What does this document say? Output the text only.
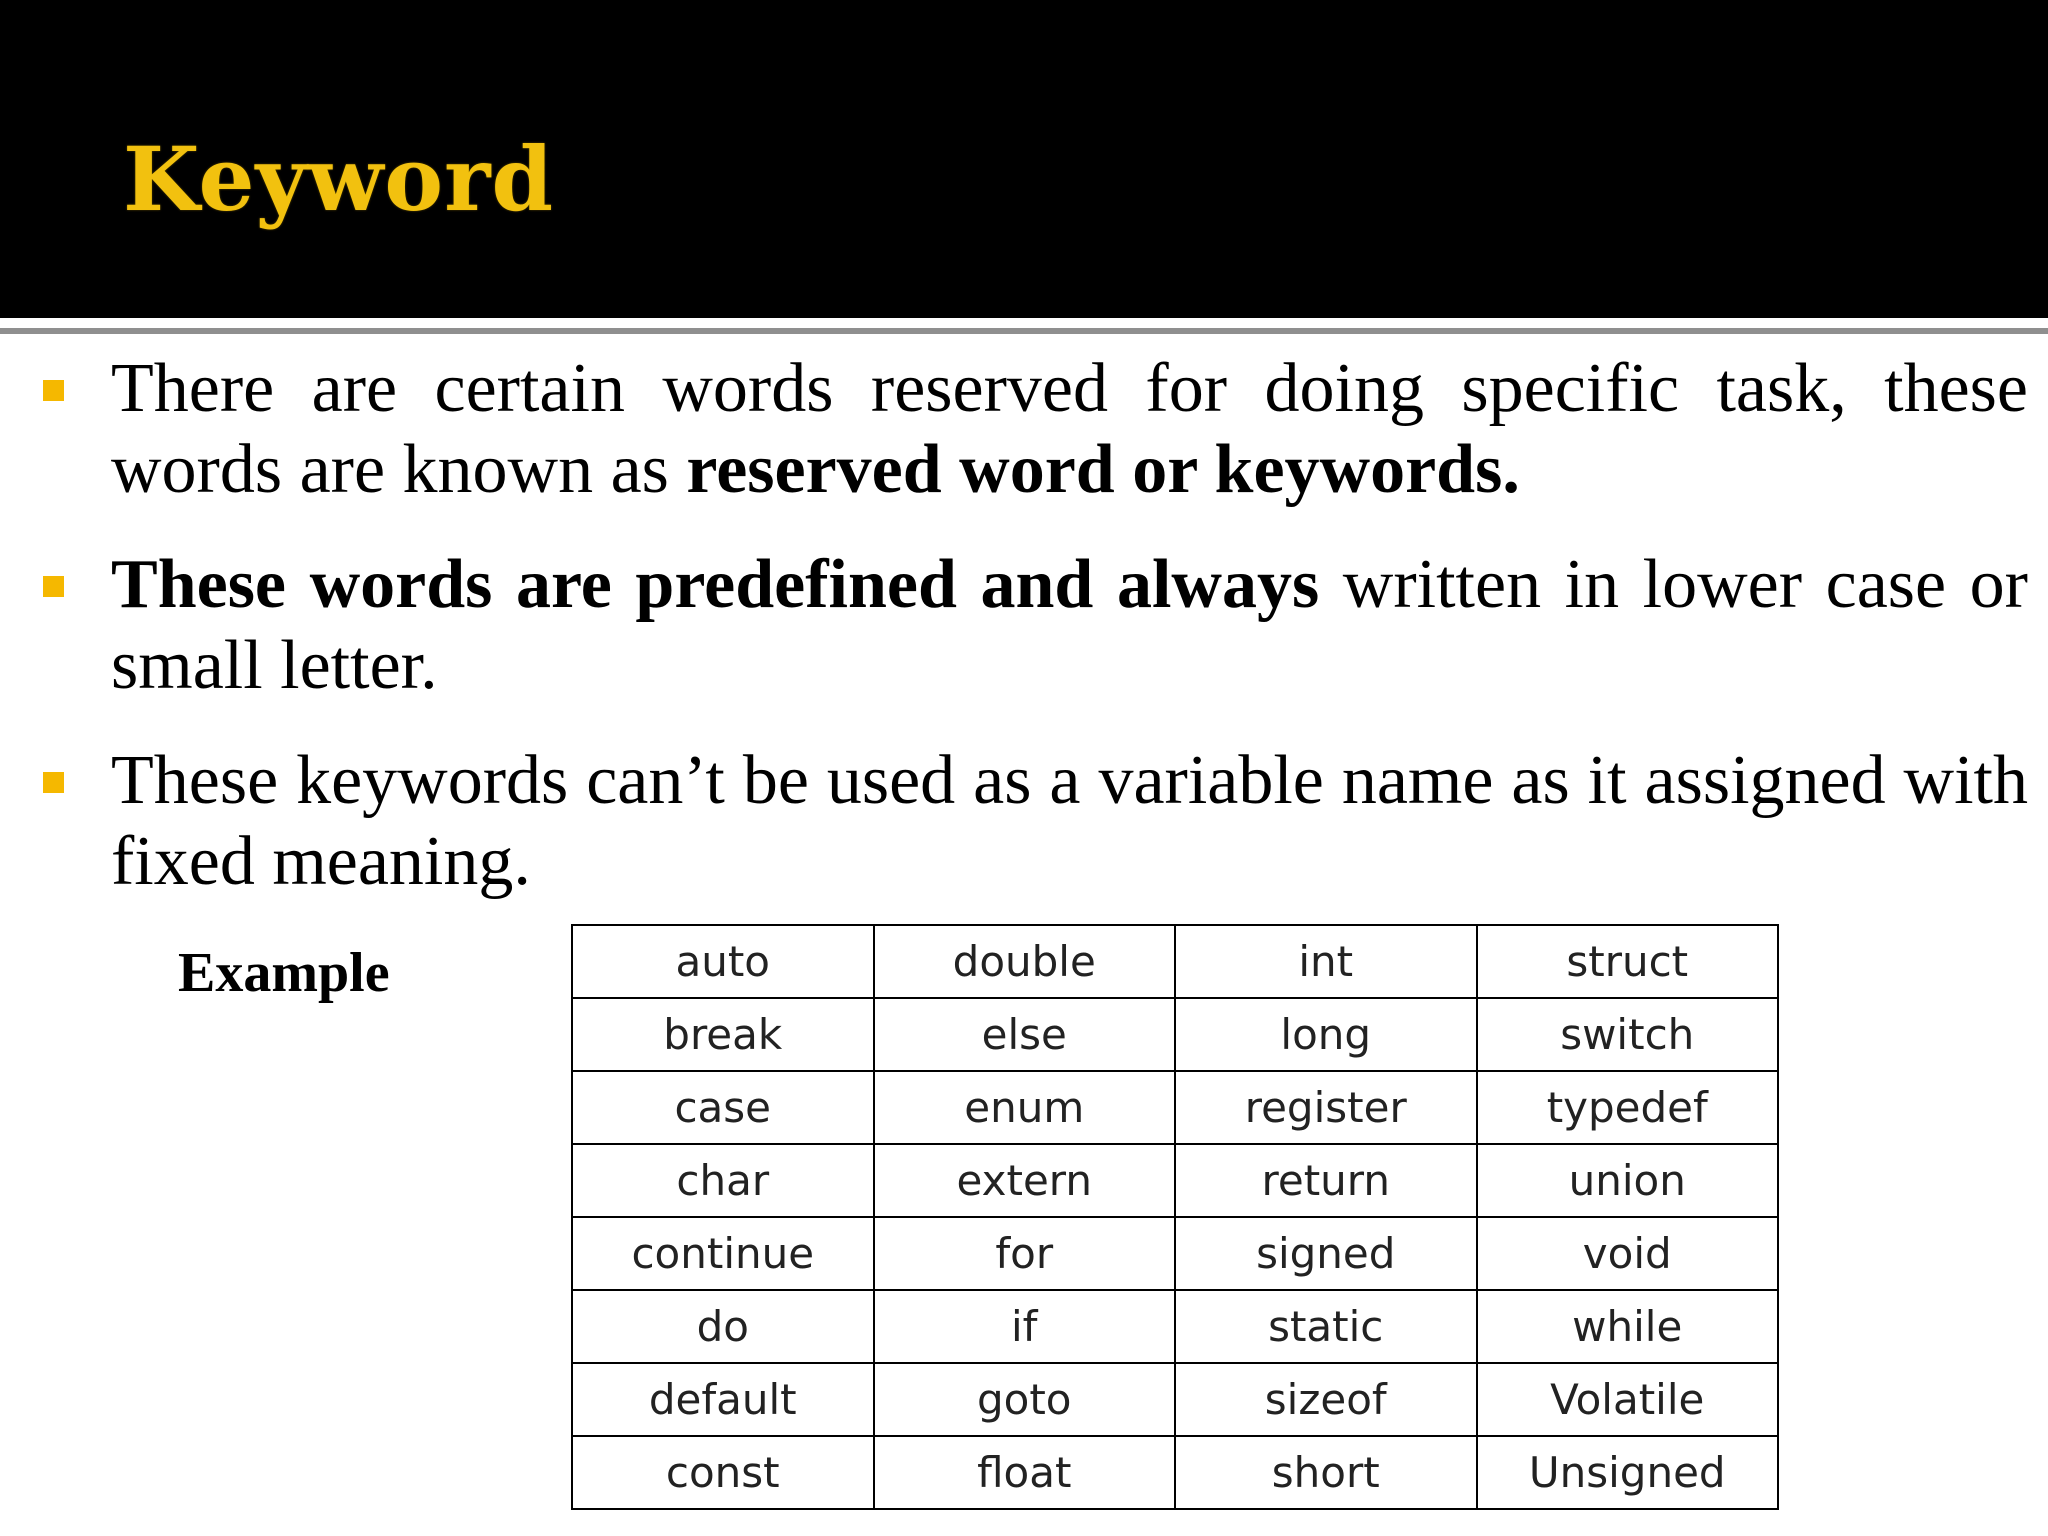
Keyword

There are certain words reserved for doing specific task, these words are known as reserved word or keywords.

These words are predefined and always written in lower case or small letter.

These keywords can’t be used as a variable name as it assigned with fixed meaning.

Example	auto	double	int	struct
break	else	long	switch
case	enum	register	typedef
char	extern	return	union
continue	for	signed	void
do	if	static	while
default	goto	sizeof	Volatile
const	float	short	Unsigned
